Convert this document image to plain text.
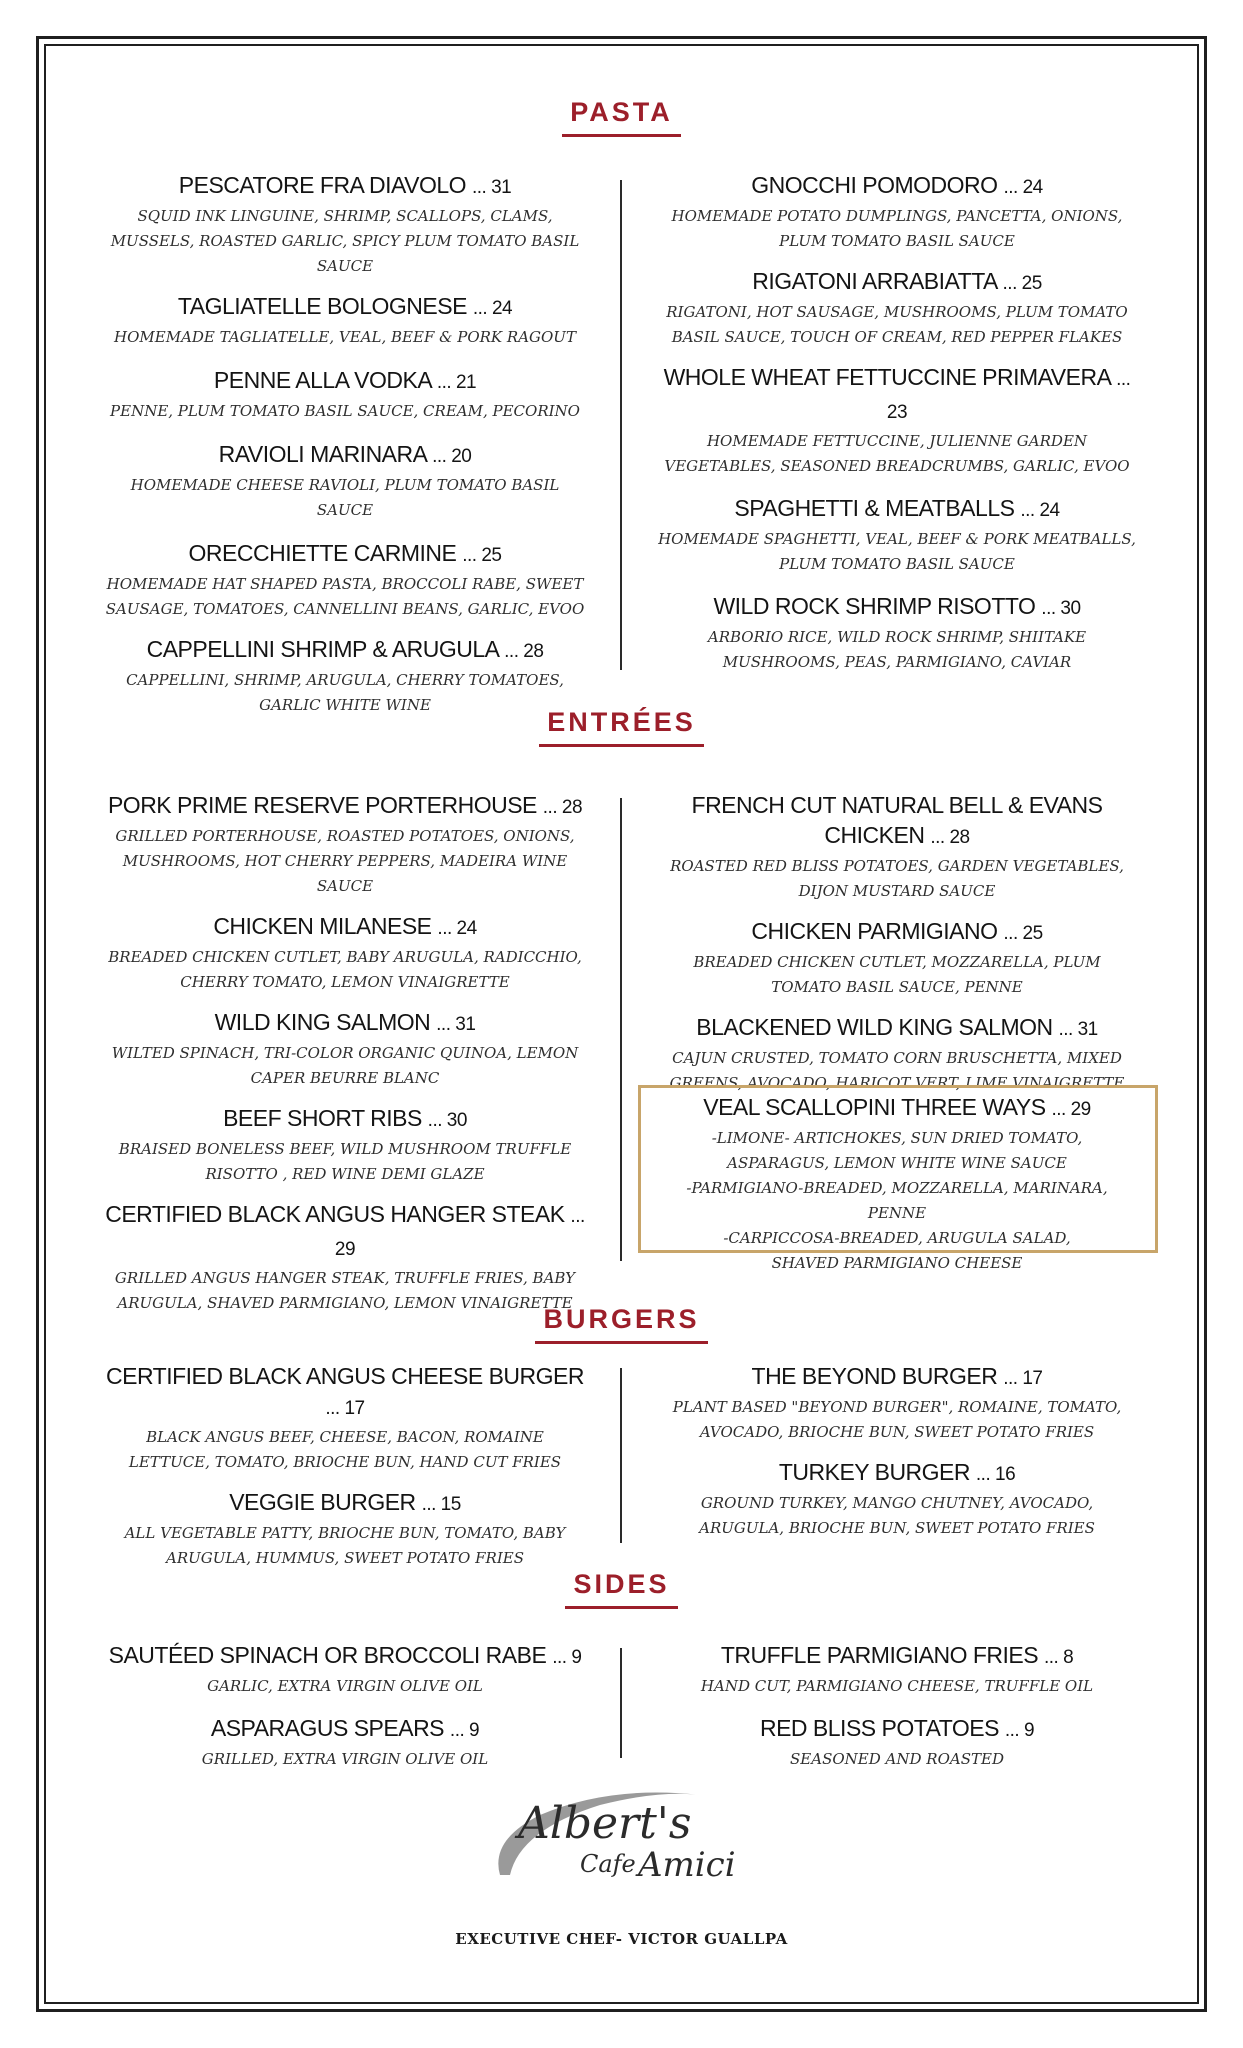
PASTA
PESCATORE FRA DIAVOLO ... 31
SQUID INK LINGUINE, SHRIMP, SCALLOPS, CLAMS, MUSSELS, ROASTED GARLIC, SPICY PLUM TOMATO BASIL SAUCE
TAGLIATELLE BOLOGNESE ... 24
HOMEMADE TAGLIATELLE, VEAL, BEEF & PORK RAGOUT
PENNE ALLA VODKA ... 21
PENNE, PLUM TOMATO BASIL SAUCE, CREAM, PECORINO
RAVIOLI MARINARA ... 20
HOMEMADE CHEESE RAVIOLI, PLUM TOMATO BASIL SAUCE
ORECCHIETTE CARMINE ... 25
HOMEMADE HAT SHAPED PASTA, BROCCOLI RABE, SWEET SAUSAGE, TOMATOES, CANNELLINI BEANS, GARLIC, EVOO
CAPPELLINI SHRIMP & ARUGULA ... 28
CAPPELLINI, SHRIMP, ARUGULA, CHERRY TOMATOES, GARLIC WHITE WINE
GNOCCHI POMODORO ... 24
HOMEMADE POTATO DUMPLINGS, PANCETTA, ONIONS, PLUM TOMATO BASIL SAUCE
RIGATONI ARRABIATTA ... 25
RIGATONI, HOT SAUSAGE, MUSHROOMS, PLUM TOMATO BASIL SAUCE, TOUCH OF CREAM, RED PEPPER FLAKES
WHOLE WHEAT FETTUCCINE PRIMAVERA ... 23
HOMEMADE FETTUCCINE, JULIENNE GARDEN VEGETABLES, SEASONED BREADCRUMBS, GARLIC, EVOO
SPAGHETTI & MEATBALLS ... 24
HOMEMADE SPAGHETTI, VEAL, BEEF & PORK MEATBALLS, PLUM TOMATO BASIL SAUCE
WILD ROCK SHRIMP RISOTTO ... 30
ARBORIO RICE, WILD ROCK SHRIMP, SHIITAKE MUSHROOMS, PEAS, PARMIGIANO, CAVIAR
ENTRÉES
PORK PRIME RESERVE PORTERHOUSE ... 28
GRILLED PORTERHOUSE, ROASTED POTATOES, ONIONS, MUSHROOMS, HOT CHERRY PEPPERS, MADEIRA WINE SAUCE
CHICKEN MILANESE ... 24
BREADED CHICKEN CUTLET, BABY ARUGULA, RADICCHIO, CHERRY TOMATO, LEMON VINAIGRETTE
WILD KING SALMON ... 31
WILTED SPINACH, TRI-COLOR ORGANIC QUINOA, LEMON CAPER BEURRE BLANC
BEEF SHORT RIBS ... 30
BRAISED BONELESS BEEF, WILD MUSHROOM TRUFFLE RISOTTO , RED WINE DEMI GLAZE
CERTIFIED BLACK ANGUS HANGER STEAK ... 29
GRILLED ANGUS HANGER STEAK, TRUFFLE FRIES, BABY ARUGULA, SHAVED PARMIGIANO, LEMON VINAIGRETTE
FRENCH CUT NATURAL BELL & EVANS CHICKEN ... 28
ROASTED RED BLISS POTATOES, GARDEN VEGETABLES, DIJON MUSTARD SAUCE
CHICKEN PARMIGIANO ... 25
BREADED CHICKEN CUTLET, MOZZARELLA, PLUM TOMATO BASIL SAUCE, PENNE
BLACKENED WILD KING SALMON ... 31
CAJUN CRUSTED, TOMATO CORN BRUSCHETTA, MIXED GREENS, AVOCADO, HARICOT VERT, LIME VINAIGRETTE
VEAL SCALLOPINI THREE WAYS ... 29
-LIMONE- ARTICHOKES, SUN DRIED TOMATO, ASPARAGUS, LEMON WHITE WINE SAUCE
-PARMIGIANO-BREADED, MOZZARELLA, MARINARA, PENNE
-CARPICCOSA-BREADED, ARUGULA SALAD, SHAVED PARMIGIANO CHEESE
BURGERS
CERTIFIED BLACK ANGUS CHEESE BURGER ... 17
BLACK ANGUS BEEF, CHEESE, BACON, ROMAINE LETTUCE, TOMATO, BRIOCHE BUN, HAND CUT FRIES
VEGGIE BURGER ... 15
ALL VEGETABLE PATTY, BRIOCHE BUN, TOMATO, BABY ARUGULA, HUMMUS, SWEET POTATO FRIES
THE BEYOND BURGER ... 17
PLANT BASED "BEYOND BURGER", ROMAINE, TOMATO, AVOCADO, BRIOCHE BUN, SWEET POTATO FRIES
TURKEY BURGER ... 16
GROUND TURKEY, MANGO CHUTNEY, AVOCADO, ARUGULA, BRIOCHE BUN, SWEET POTATO FRIES
SIDES
SAUTÉED SPINACH OR BROCCOLI RABE ... 9
GARLIC, EXTRA VIRGIN OLIVE OIL
ASPARAGUS SPEARS ... 9
GRILLED, EXTRA VIRGIN OLIVE OIL
TRUFFLE PARMIGIANO FRIES ... 8
HAND CUT, PARMIGIANO CHEESE, TRUFFLE OIL
RED BLISS POTATOES ... 9
SEASONED AND ROASTED
Albert's
Cafe Amici
EXECUTIVE CHEF- VICTOR GUALLPA
